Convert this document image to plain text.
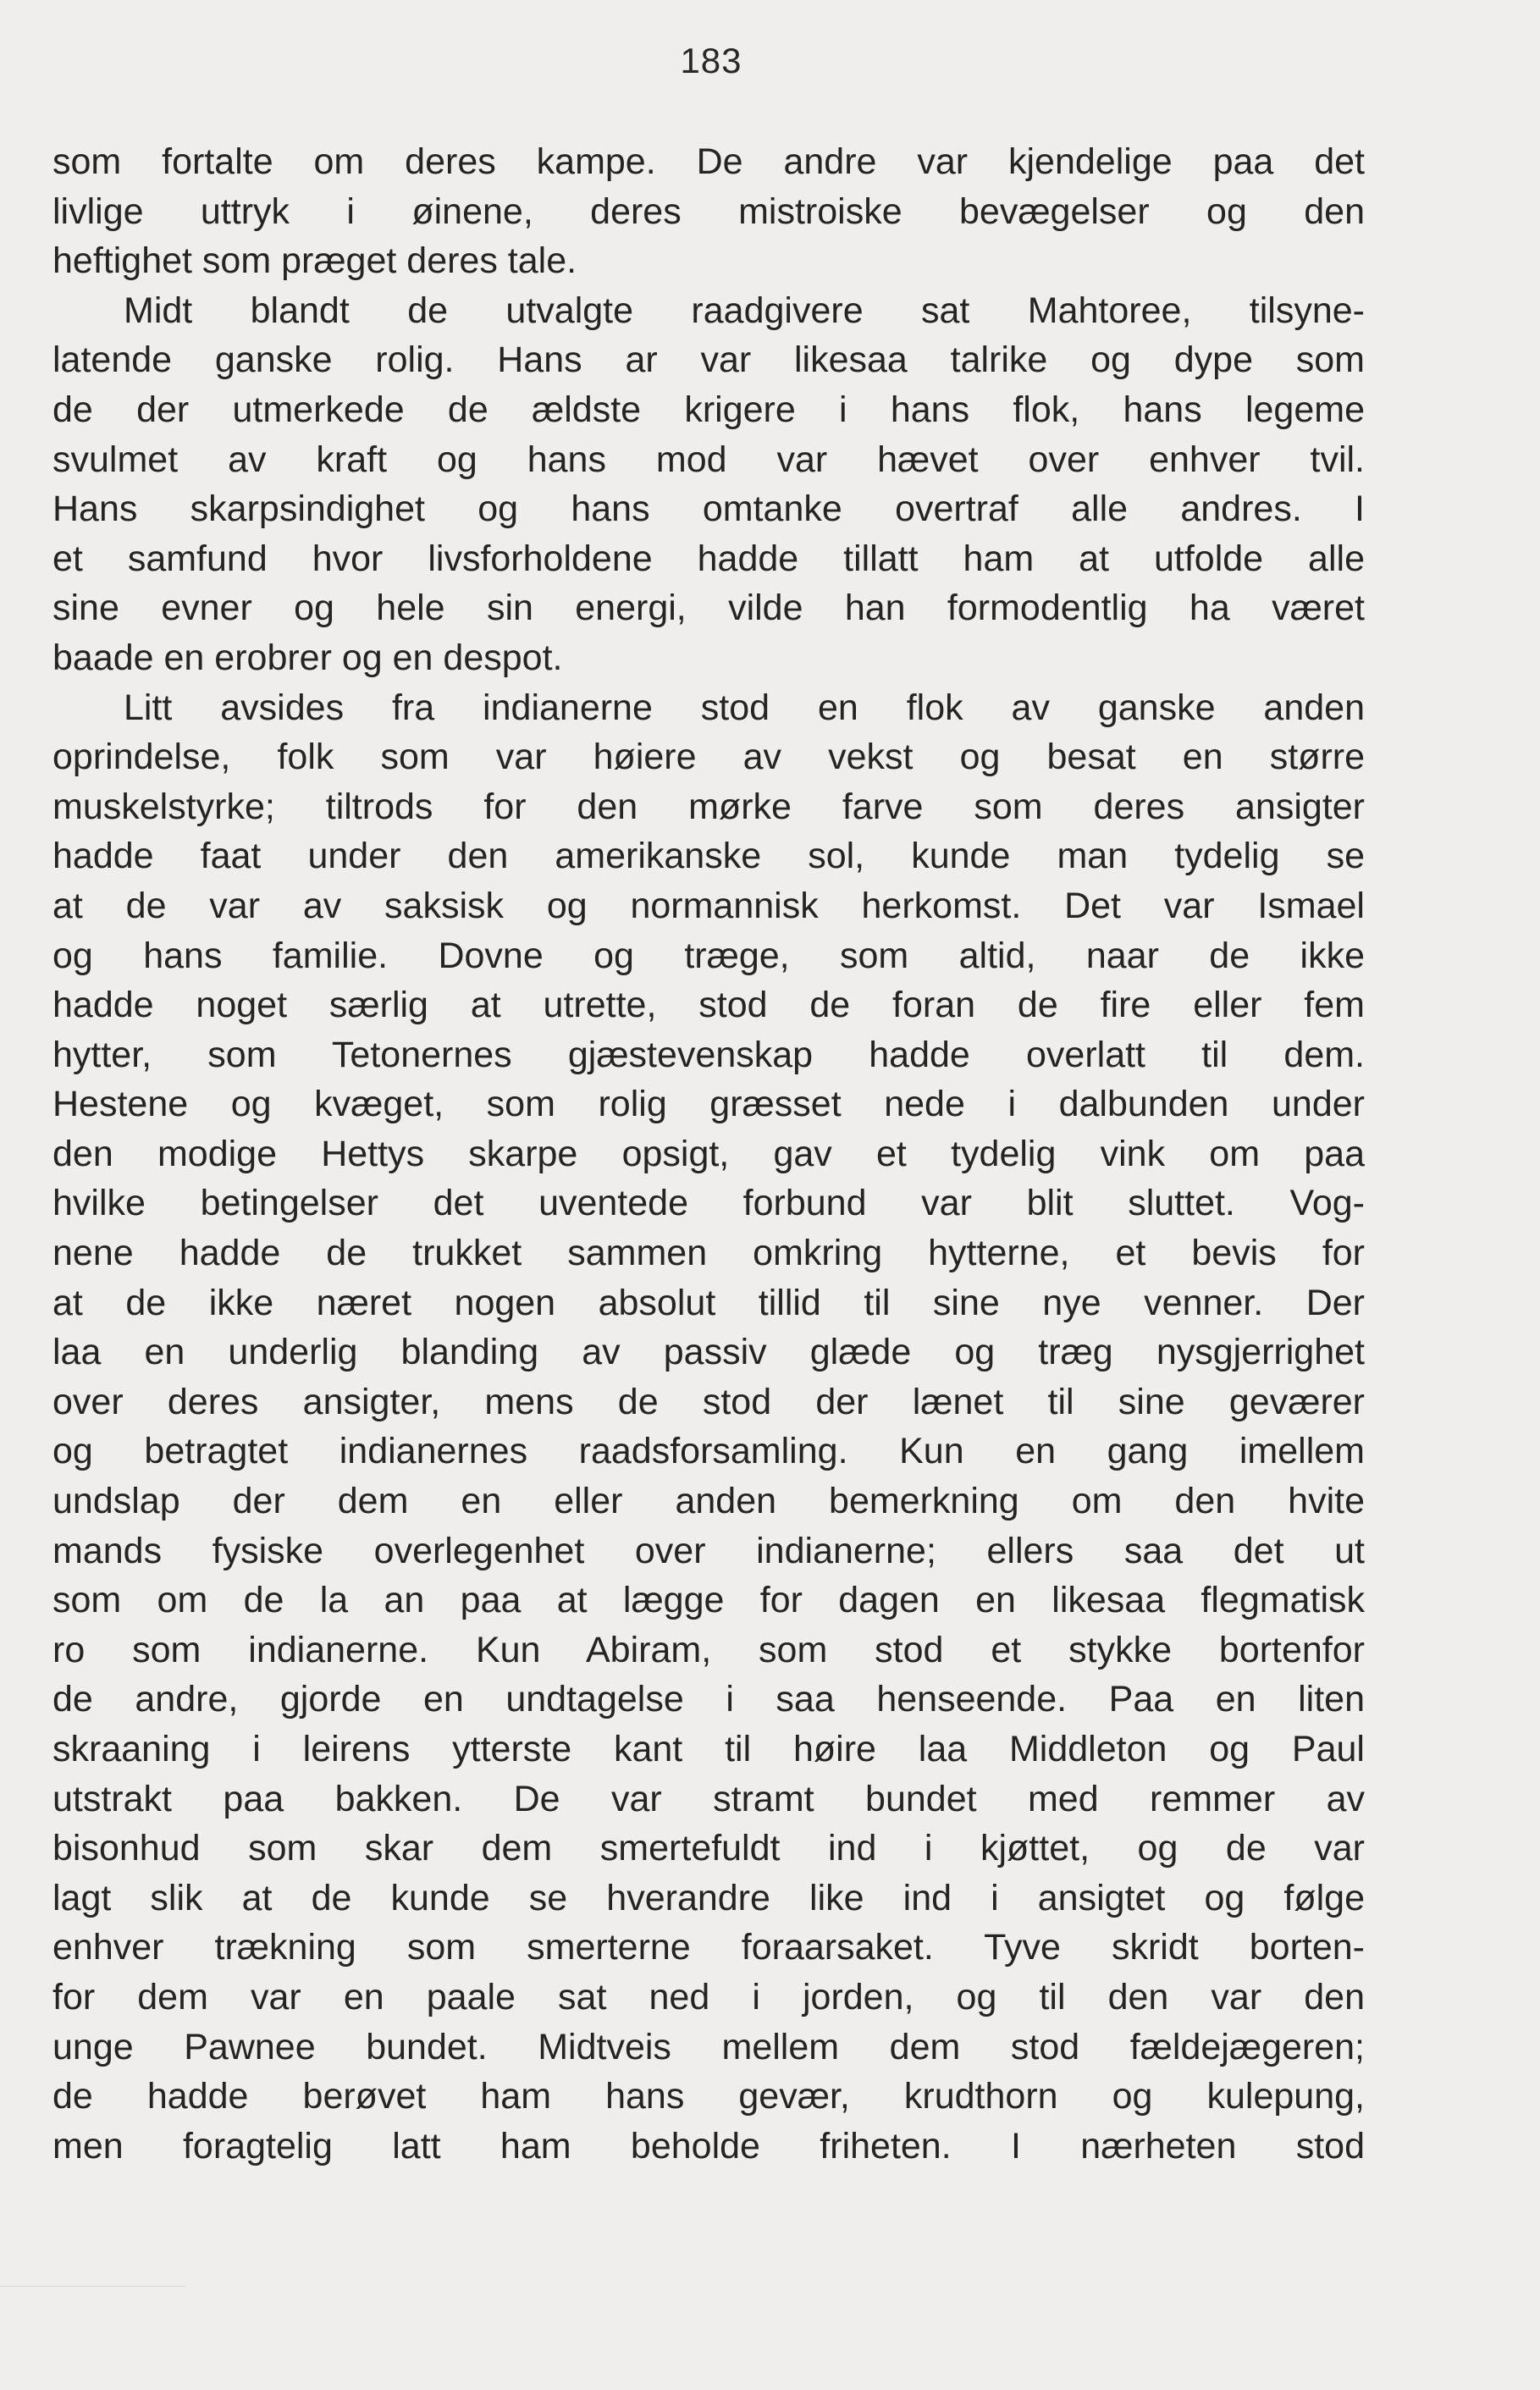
183
som fortalte om deres kampe. De andre var kjendelige paa det
livlige uttryk i øinene, deres mistroiske bevægelser og den
heftighet som præget deres tale.
Midt blandt de utvalgte raadgivere sat Mahtoree, tilsyne-
latende ganske rolig. Hans ar var likesaa talrike og dype som
de der utmerkede de ældste krigere i hans flok, hans legeme
svulmet av kraft og hans mod var hævet over enhver tvil.
Hans skarpsindighet og hans omtanke overtraf alle andres. I
et samfund hvor livsforholdene hadde tillatt ham at utfolde alle
sine evner og hele sin energi, vilde han formodentlig ha været
baade en erobrer og en despot.
Litt avsides fra indianerne stod en flok av ganske anden
oprindelse, folk som var høiere av vekst og besat en større
muskelstyrke; tiltrods for den mørke farve som deres ansigter
hadde faat under den amerikanske sol, kunde man tydelig se
at de var av saksisk og normannisk herkomst. Det var Ismael
og hans familie. Dovne og træge, som altid, naar de ikke
hadde noget særlig at utrette, stod de foran de fire eller fem
hytter, som Tetonernes gjæstevenskap hadde overlatt til dem.
Hestene og kvæget, som rolig græsset nede i dalbunden under
den modige Hettys skarpe opsigt, gav et tydelig vink om paa
hvilke betingelser det uventede forbund var blit sluttet. Vog-
nene hadde de trukket sammen omkring hytterne, et bevis for
at de ikke næret nogen absolut tillid til sine nye venner. Der
laa en underlig blanding av passiv glæde og træg nysgjerrighet
over deres ansigter, mens de stod der lænet til sine geværer
og betragtet indianernes raadsforsamling. Kun en gang imellem
undslap der dem en eller anden bemerkning om den hvite
mands fysiske overlegenhet over indianerne; ellers saa det ut
som om de la an paa at lægge for dagen en likesaa flegmatisk
ro som indianerne. Kun Abiram, som stod et stykke bortenfor
de andre, gjorde en undtagelse i saa henseende. Paa en liten
skraaning i leirens ytterste kant til høire laa Middleton og Paul
utstrakt paa bakken. De var stramt bundet med remmer av
bisonhud som skar dem smertefuldt ind i kjøttet, og de var
lagt slik at de kunde se hverandre like ind i ansigtet og følge
enhver trækning som smerterne foraarsaket. Tyve skridt borten-
for dem var en paale sat ned i jorden, og til den var den
unge Pawnee bundet. Midtveis mellem dem stod fældejægeren;
de hadde berøvet ham hans gevær, krudthorn og kulepung,
men foragtelig latt ham beholde friheten. I nærheten stod
